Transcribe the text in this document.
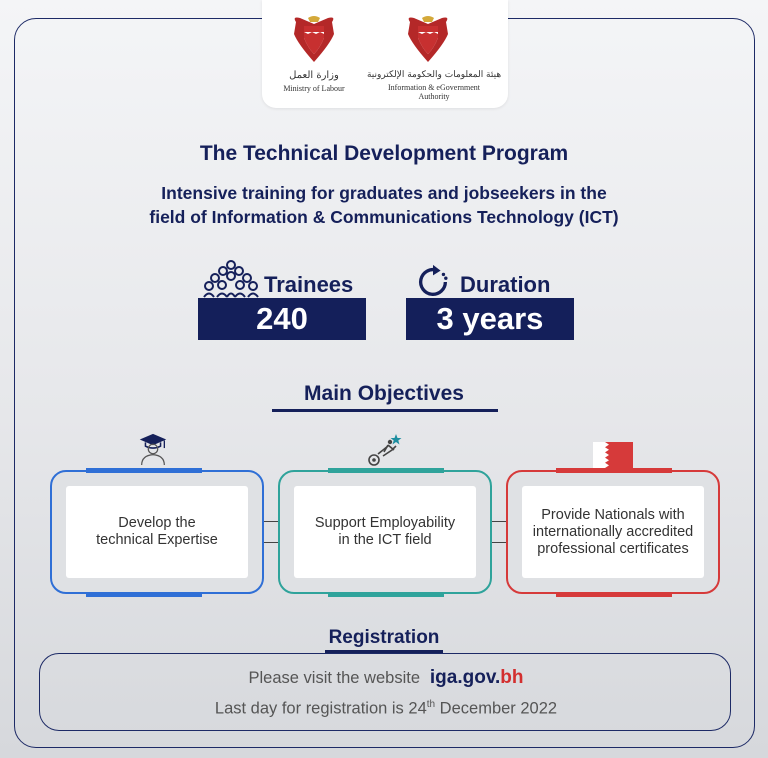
وزارة العمل
Ministry of Labour
هيئة المعلومات والحكومة الإلكترونية
Information & eGovernment
Authority
The Technical Development Program
Intensive training for graduates and jobseekers in the
field of Information & Communications Technology (ICT)
Trainees
240
Duration
3 years
Main Objectives
Develop the
technical Expertise
Support Employability
in the ICT field
Provide Nationals with
internationally accredited
professional certificates
Registration
Please visit the website iga.gov.bh
Last day for registration is 24th December 2022
